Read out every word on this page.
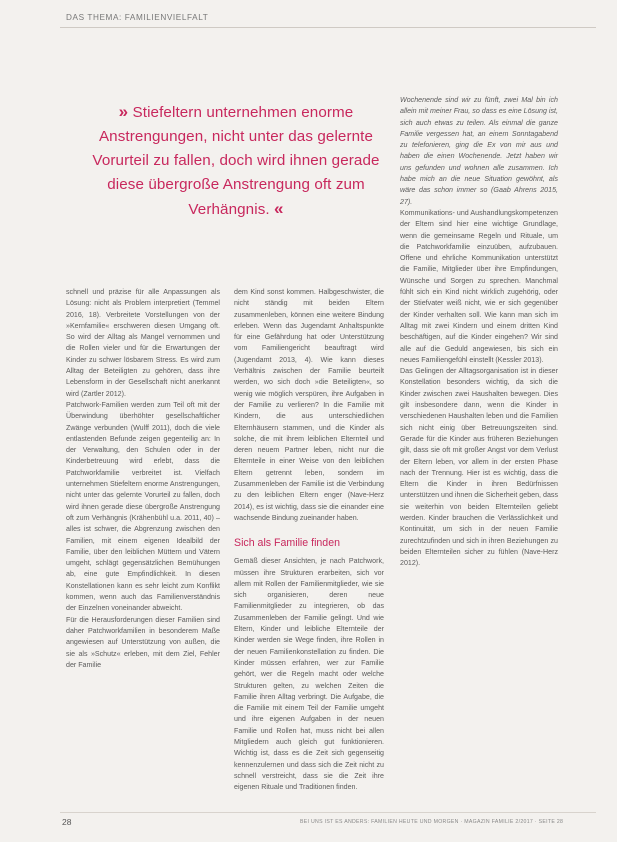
DAS THEMA: FAMILIENVIELFALT
» Stiefeltern unternehmen enorme Anstrengungen, nicht unter das gelernte Vorurteil zu fallen, doch wird ihnen gerade diese übergroße Anstrengung oft zum Verhängnis. «

schnell und präzise für alle Anpassungen als Lösung: nicht als Problem interpretiert (Temmel 2016, 18). Verbreitete Vorstellungen von der »Kernfamilie« erschweren diesen Umgang oft. So wird der Alltag als Mangel vernommen und die Rollen vieler und für die Erwartungen der Kinder zu schwer lösbarem Stress. Es wird zum Alltag der Beteiligten zu gehören, dass ihre Lebensform in der Gesellschaft nicht anerkannt wird (Zartler 2012).

Patchwork-Familien werden zum Teil oft mit der Überwindung überhöhter gesellschaftlicher Zwänge verbunden (Wulff 2011), doch die viele entlastenden Befunde zeigen gegenteilig an: In der Verwaltung, den Schulen oder in der Kinderbetreuung wird erlebt, dass die Patchworkfamilie verbreitet ist. Vielfach unternehmen Stiefeltern enorme Anstrengungen, nicht unter das gelernte Vorurteil zu fallen, doch wird ihnen gerade diese übergroße Anstrengung oft zum Verhängnis (Krähenbühl u.a. 2011, 40) – alles ist schwer, die Abgrenzung zwischen den Familien, mit einem eigenen Idealbild der Familie, über den leiblichen Müttern und Vätern umgeht, schlägt gegensätzlichen Bemühungen ab, eine gute Empfindlichkeit. In diesen Konstellationen kann es sehr leicht zum Konflikt kommen, wenn auch das Familienverständnis der Einzelnen voneinander abweicht.

Für die Herausforderungen dieser Familien sind daher Patchworkfamilien in besonderem Maße angewiesen auf Unterstützung von außen, die sie als »Schutz« erleben, mit dem Ziel, Fehler der Familie

dem Kind sonst kommen. Halbgeschwister, die nicht ständig mit beiden Eltern zusammenleben, können eine weitere Bindung erleben. Wenn das Jugendamt Anhaltspunkte für eine Gefährdung hat oder Unterstützung vom Familiengericht beauftragt wird (Jugendamt 2013, 4). Wie kann dieses Verhältnis zwischen der Familie beurteilt werden, wo sich doch »die Beteiligten«, so wenig wie möglich verspüren, ihre Aufgaben in der Familie zu verlieren? In die Familie mit Kindern, die aus unterschiedlichen Elternhäusern stammen, und die Kinder als solche, die mit ihrem leiblichen Elternteil und deren neuem Partner leben, nicht nur die Elternteile in einer Weise von den leiblichen Eltern getrennt leben, sondern im Zusammenleben der Familie ist die Verbindung zu den leiblichen Eltern enger (Nave-Herz 2014), es ist wichtig, dass sie die einander eine wachsende Bindung zueinander haben.

Sich als Familie finden

Gemäß dieser Ansichten, je nach Patchwork, müssen ihre Strukturen erarbeiten, sich vor allem mit Rollen der Familienmitglieder, wie sie sich organisieren, deren neue Familienmitglieder zu integrieren, ob das Zusammenleben der Familie gelingt. Und wie Eltern, Kinder und leibliche Elternteile der Kinder werden sie Wege finden, ihre Rollen in der neuen Familienkonstellation zu finden. Die Kinder müssen erfahren, wer zur Familie gehört, wer die Regeln macht oder welche Strukturen gelten, zu welchen Zeiten die Familie ihren Alltag verbringt. Die Aufgabe, die die Familie mit einem Teil der Familie umgeht und ihre eigenen Aufgaben in der neuen Familie und Rollen hat, muss nicht bei allen Mitgliedern auch gleich gut funktionieren. Wichtig ist, dass es die Zeit sich gegenseitig kennenzulernen und dass sich die Zeit nicht zu schnell verstreicht, dass sie die Zeit ihre eigenen Rituale und Traditionen finden.

Wochenende sind wir zu fünft, zwei Mal bin ich allein mit meiner Frau, so dass es eine Lösung ist, sich auch etwas zu teilen. Als einmal die ganze Familie vergessen hat, an einem Sonntagabend zu telefonieren, ging die Ex von mir aus und haben die einen Wochenende. Jetzt haben wir uns gefunden und wohnen alle zusammen. Ich habe mich an die neue Situation gewöhnt, als wäre das schon immer so (Gaab Ahrens 2015, 27).

Kommunikations- und Aushandlungskompetenzen der Eltern sind hier eine wichtige Grundlage, wenn die gemeinsame Regeln und Rituale, um die Patchworkfamilie einzuüben, aufzubauen. Offene und ehrliche Kommunikation unterstützt die Familie, Mitglieder über ihre Empfindungen, Wünsche und Sorgen zu sprechen. Manchmal fühlt sich ein Kind nicht wirklich zugehörig, oder der Stiefvater weiß nicht, wie er sich gegenüber der Kinder verhalten soll. Wie kann man sich im Alltag mit zwei Kindern und einem dritten Kind beschäftigen, auf die Kinder eingehen? Wir sind alle auf die Geduld angewiesen, bis sich ein neues Familiengefühl einstellt (Kessler 2013).

Das Gelingen der Alltagsorganisation ist in dieser Konstellation besonders wichtig, da sich die Kinder zwischen zwei Haushalten bewegen. Dies gilt insbesondere dann, wenn die Kinder in verschiedenen Haushalten leben und die Familien sich nicht einig über Betreuungszeiten sind. Gerade für die Kinder aus früheren Beziehungen gilt, dass sie oft mit großer Angst vor dem Verlust der Eltern leben, vor allem in der ersten Phase nach der Trennung. Hier ist es wichtig, dass die Eltern die Kinder in ihren Bedürfnissen unterstützen und ihnen die Sicherheit geben, dass sie weiterhin von beiden Elternteilen geliebt werden. Kinder brauchen die Verlässlichkeit und Kontinuität, um sich in der neuen Familie zurechtzufinden und sich in ihren Beziehungen zu beiden Elternteilen sicher zu fühlen (Nave-Herz 2012).

28	BEI UNS IST ES ANDERS: FAMILIEN HEUTE UND MORGEN · MAGAZIN FAMILIE 2/2017 · SEITE 28
